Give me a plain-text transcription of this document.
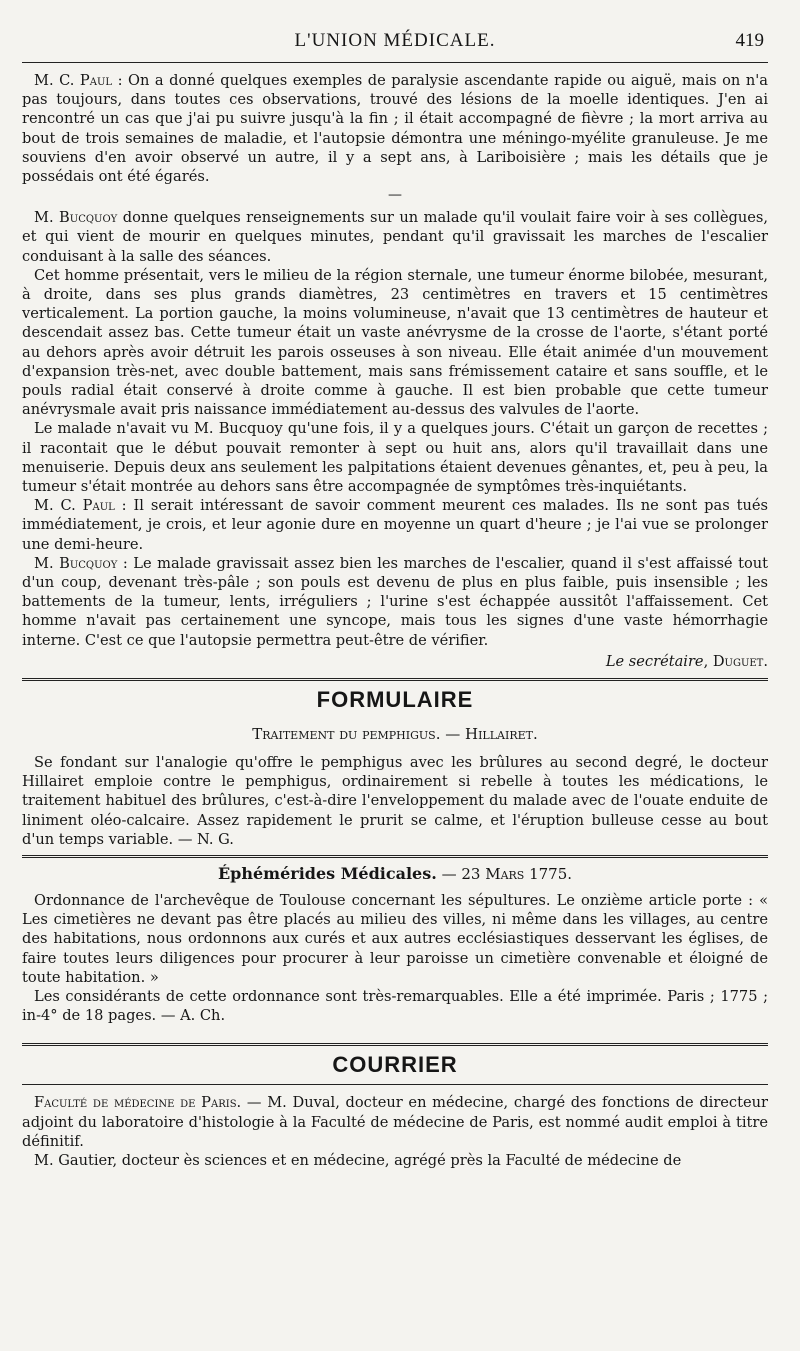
L'UNION MÉDICALE.	419

M. C. Paul : On a donné quelques exemples de paralysie ascendante rapide ou aiguë, mais on n'a pas toujours, dans toutes ces observations, trouvé des lésions de la moelle identiques. J'en ai rencontré un cas que j'ai pu suivre jusqu'à la fin ; il était accompagné de fièvre ; la mort arriva au bout de trois semaines de maladie, et l'autopsie démontra une méningo-myélite granuleuse. Je me souviens d'en avoir observé un autre, il y a sept ans, à Lariboisière ; mais les détails que je possédais ont été égarés.

—

M. Bucquoy donne quelques renseignements sur un malade qu'il voulait faire voir à ses collègues, et qui vient de mourir en quelques minutes, pendant qu'il gravissait les marches de l'escalier conduisant à la salle des séances.

Cet homme présentait, vers le milieu de la région sternale, une tumeur énorme bilobée, mesurant, à droite, dans ses plus grands diamètres, 23 centimètres en travers et 15 centimètres verticalement. La portion gauche, la moins volumineuse, n'avait que 13 centimètres de hauteur et descendait assez bas. Cette tumeur était un vaste anévrysme de la crosse de l'aorte, s'étant porté au dehors après avoir détruit les parois osseuses à son niveau. Elle était animée d'un mouvement d'expansion très-net, avec double battement, mais sans frémissement cataire et sans souffle, et le pouls radial était conservé à droite comme à gauche. Il est bien probable que cette tumeur anévrysmale avait pris naissance immédiatement au-dessus des valvules de l'aorte.

Le malade n'avait vu M. Bucquoy qu'une fois, il y a quelques jours. C'était un garçon de recettes ; il racontait que le début pouvait remonter à sept ou huit ans, alors qu'il travaillait dans une menuiserie. Depuis deux ans seulement les palpitations étaient devenues gênantes, et, peu à peu, la tumeur s'était montrée au dehors sans être accompagnée de symptômes très-inquiétants.

M. C. Paul : Il serait intéressant de savoir comment meurent ces malades. Ils ne sont pas tués immédiatement, je crois, et leur agonie dure en moyenne un quart d'heure ; je l'ai vue se prolonger une demi-heure.

M. Bucquoy : Le malade gravissait assez bien les marches de l'escalier, quand il s'est affaissé tout d'un coup, devenant très-pâle ; son pouls est devenu de plus en plus faible, puis insensible ; les battements de la tumeur, lents, irréguliers ; l'urine s'est échappée aussitôt l'affaissement. Cet homme n'avait pas certainement une syncope, mais tous les signes d'une vaste hémorrhagie interne. C'est ce que l'autopsie permettra peut-être de vérifier.

Le secrétaire, Duguet.
FORMULAIRE
Traitement du pemphigus. — Hillairet.

Se fondant sur l'analogie qu'offre le pemphigus avec les brûlures au second degré, le docteur Hillairet emploie contre le pemphigus, ordinairement si rebelle à toutes les médications, le traitement habituel des brûlures, c'est-à-dire l'enveloppement du malade avec de l'ouate enduite de liniment oléo-calcaire. Assez rapidement le prurit se calme, et l'éruption bulleuse cesse au bout d'un temps variable. — N. G.

Éphémérides Médicales. — 23 Mars 1775.

Ordonnance de l'archevêque de Toulouse concernant les sépultures. Le onzième article porte : « Les cimetières ne devant pas être placés au milieu des villes, ni même dans les villages, au centre des habitations, nous ordonnons aux curés et aux autres ecclésiastiques desservant les églises, de faire toutes leurs diligences pour procurer à leur paroisse un cimetière convenable et éloigné de toute habitation. »

Les considérants de cette ordonnance sont très-remarquables. Elle a été imprimée. Paris ; 1775 ; in-4° de 18 pages. — A. Ch.

COURRIER

Faculté de médecine de Paris. — M. Duval, docteur en médecine, chargé des fonctions de directeur adjoint du laboratoire d'histologie à la Faculté de médecine de Paris, est nommé audit emploi à titre définitif.

M. Gautier, docteur ès sciences et en médecine, agrégé près la Faculté de médecine de
